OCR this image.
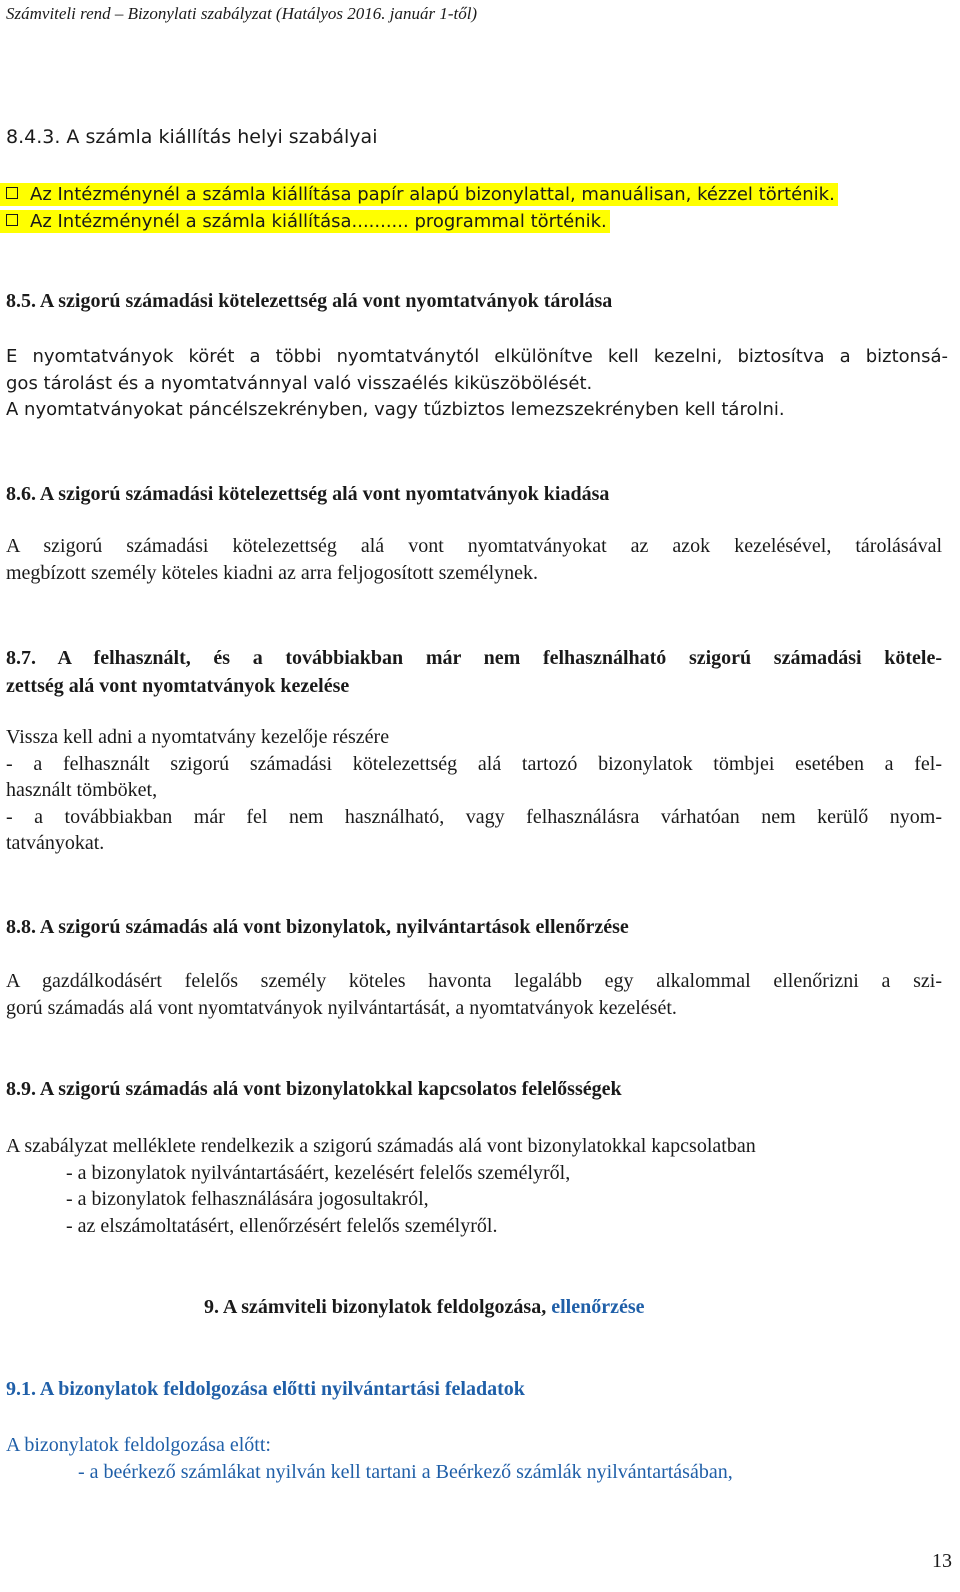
Számviteli rend – Bizonylati szabályzat (Hatályos 2016. január 1-től)
8.4.3. A számla kiállítás helyi szabályai
Az Intézménynél a számla kiállítása papír alapú bizonylattal, manuálisan, kézzel történik.
Az Intézménynél a számla kiállítása.......... programmal történik.
8.5. A szigorú számadási kötelezettség alá vont nyomtatványok tárolása
E nyomtatványok körét a többi nyomtatványtól elkülönítve kell kezelni, biztosítva a biztonsá-
gos tárolást és a nyomtatvánnyal való visszaélés kiküszöbölését.
A nyomtatványokat páncélszekrényben, vagy tűzbiztos lemezszekrényben kell tárolni.
8.6. A szigorú számadási kötelezettség alá vont nyomtatványok kiadása
A szigorú számadási kötelezettség alá vont nyomtatványokat az azok kezelésével, tárolásával
megbízott személy köteles kiadni az arra feljogosított személynek.
8.7. A felhasznált, és a továbbiakban már nem felhasználható szigorú számadási kötele-
zettség alá vont nyomtatványok kezelése
Vissza kell adni a nyomtatvány kezelője részére
- a felhasznált szigorú számadási kötelezettség alá tartozó bizonylatok tömbjei esetében a fel-
használt tömböket,
- a továbbiakban már fel nem használható, vagy felhasználásra várhatóan nem kerülő nyom-
tatványokat.
8.8. A szigorú számadás alá vont bizonylatok, nyilvántartások ellenőrzése
A gazdálkodásért felelős személy köteles havonta legalább egy alkalommal ellenőrizni a szi-
gorú számadás alá vont nyomtatványok nyilvántartását, a nyomtatványok kezelését.
8.9. A szigorú számadás alá vont bizonylatokkal kapcsolatos felelősségek
A szabályzat melléklete rendelkezik a szigorú számadás alá vont bizonylatokkal kapcsolatban
- a bizonylatok nyilvántartásáért, kezelésért felelős személyről,
- a bizonylatok felhasználására jogosultakról,
- az elszámoltatásért, ellenőrzésért felelős személyről.
9. A számviteli bizonylatok feldolgozása, ellenőrzése
9.1. A bizonylatok feldolgozása előtti nyilvántartási feladatok
A bizonylatok feldolgozása előtt:
- a beérkező számlákat nyilván kell tartani a Beérkező számlák nyilvántartásában,
13
